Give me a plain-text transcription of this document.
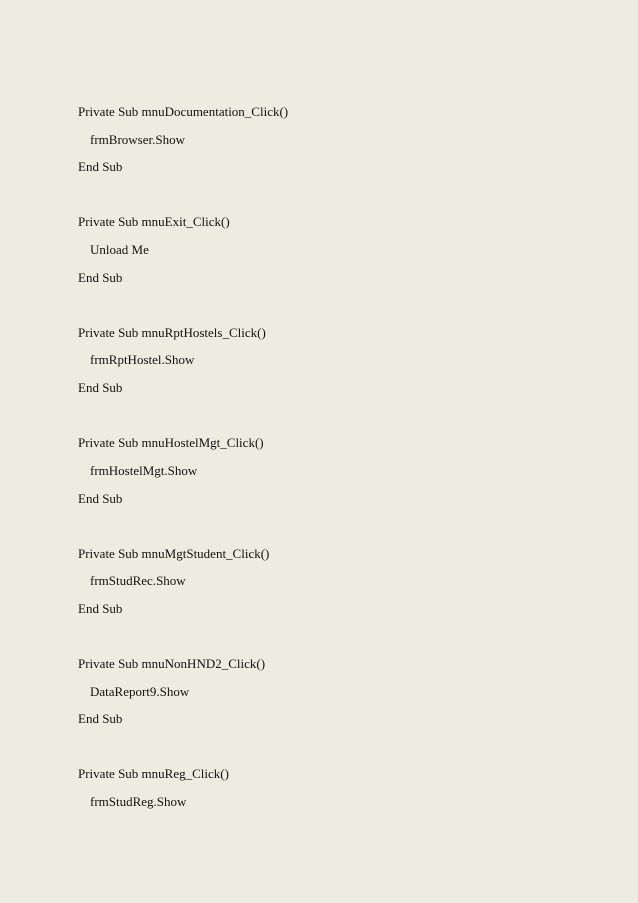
Private Sub mnuDocumentation_Click()
frmBrowser.Show
End Sub
Private Sub mnuExit_Click()
Unload Me
End Sub
Private Sub mnuRptHostels_Click()
frmRptHostel.Show
End Sub
Private Sub mnuHostelMgt_Click()
frmHostelMgt.Show
End Sub
Private Sub mnuMgtStudent_Click()
frmStudRec.Show
End Sub
Private Sub mnuNonHND2_Click()
DataReport9.Show
End Sub
Private Sub mnuReg_Click()
frmStudReg.Show
